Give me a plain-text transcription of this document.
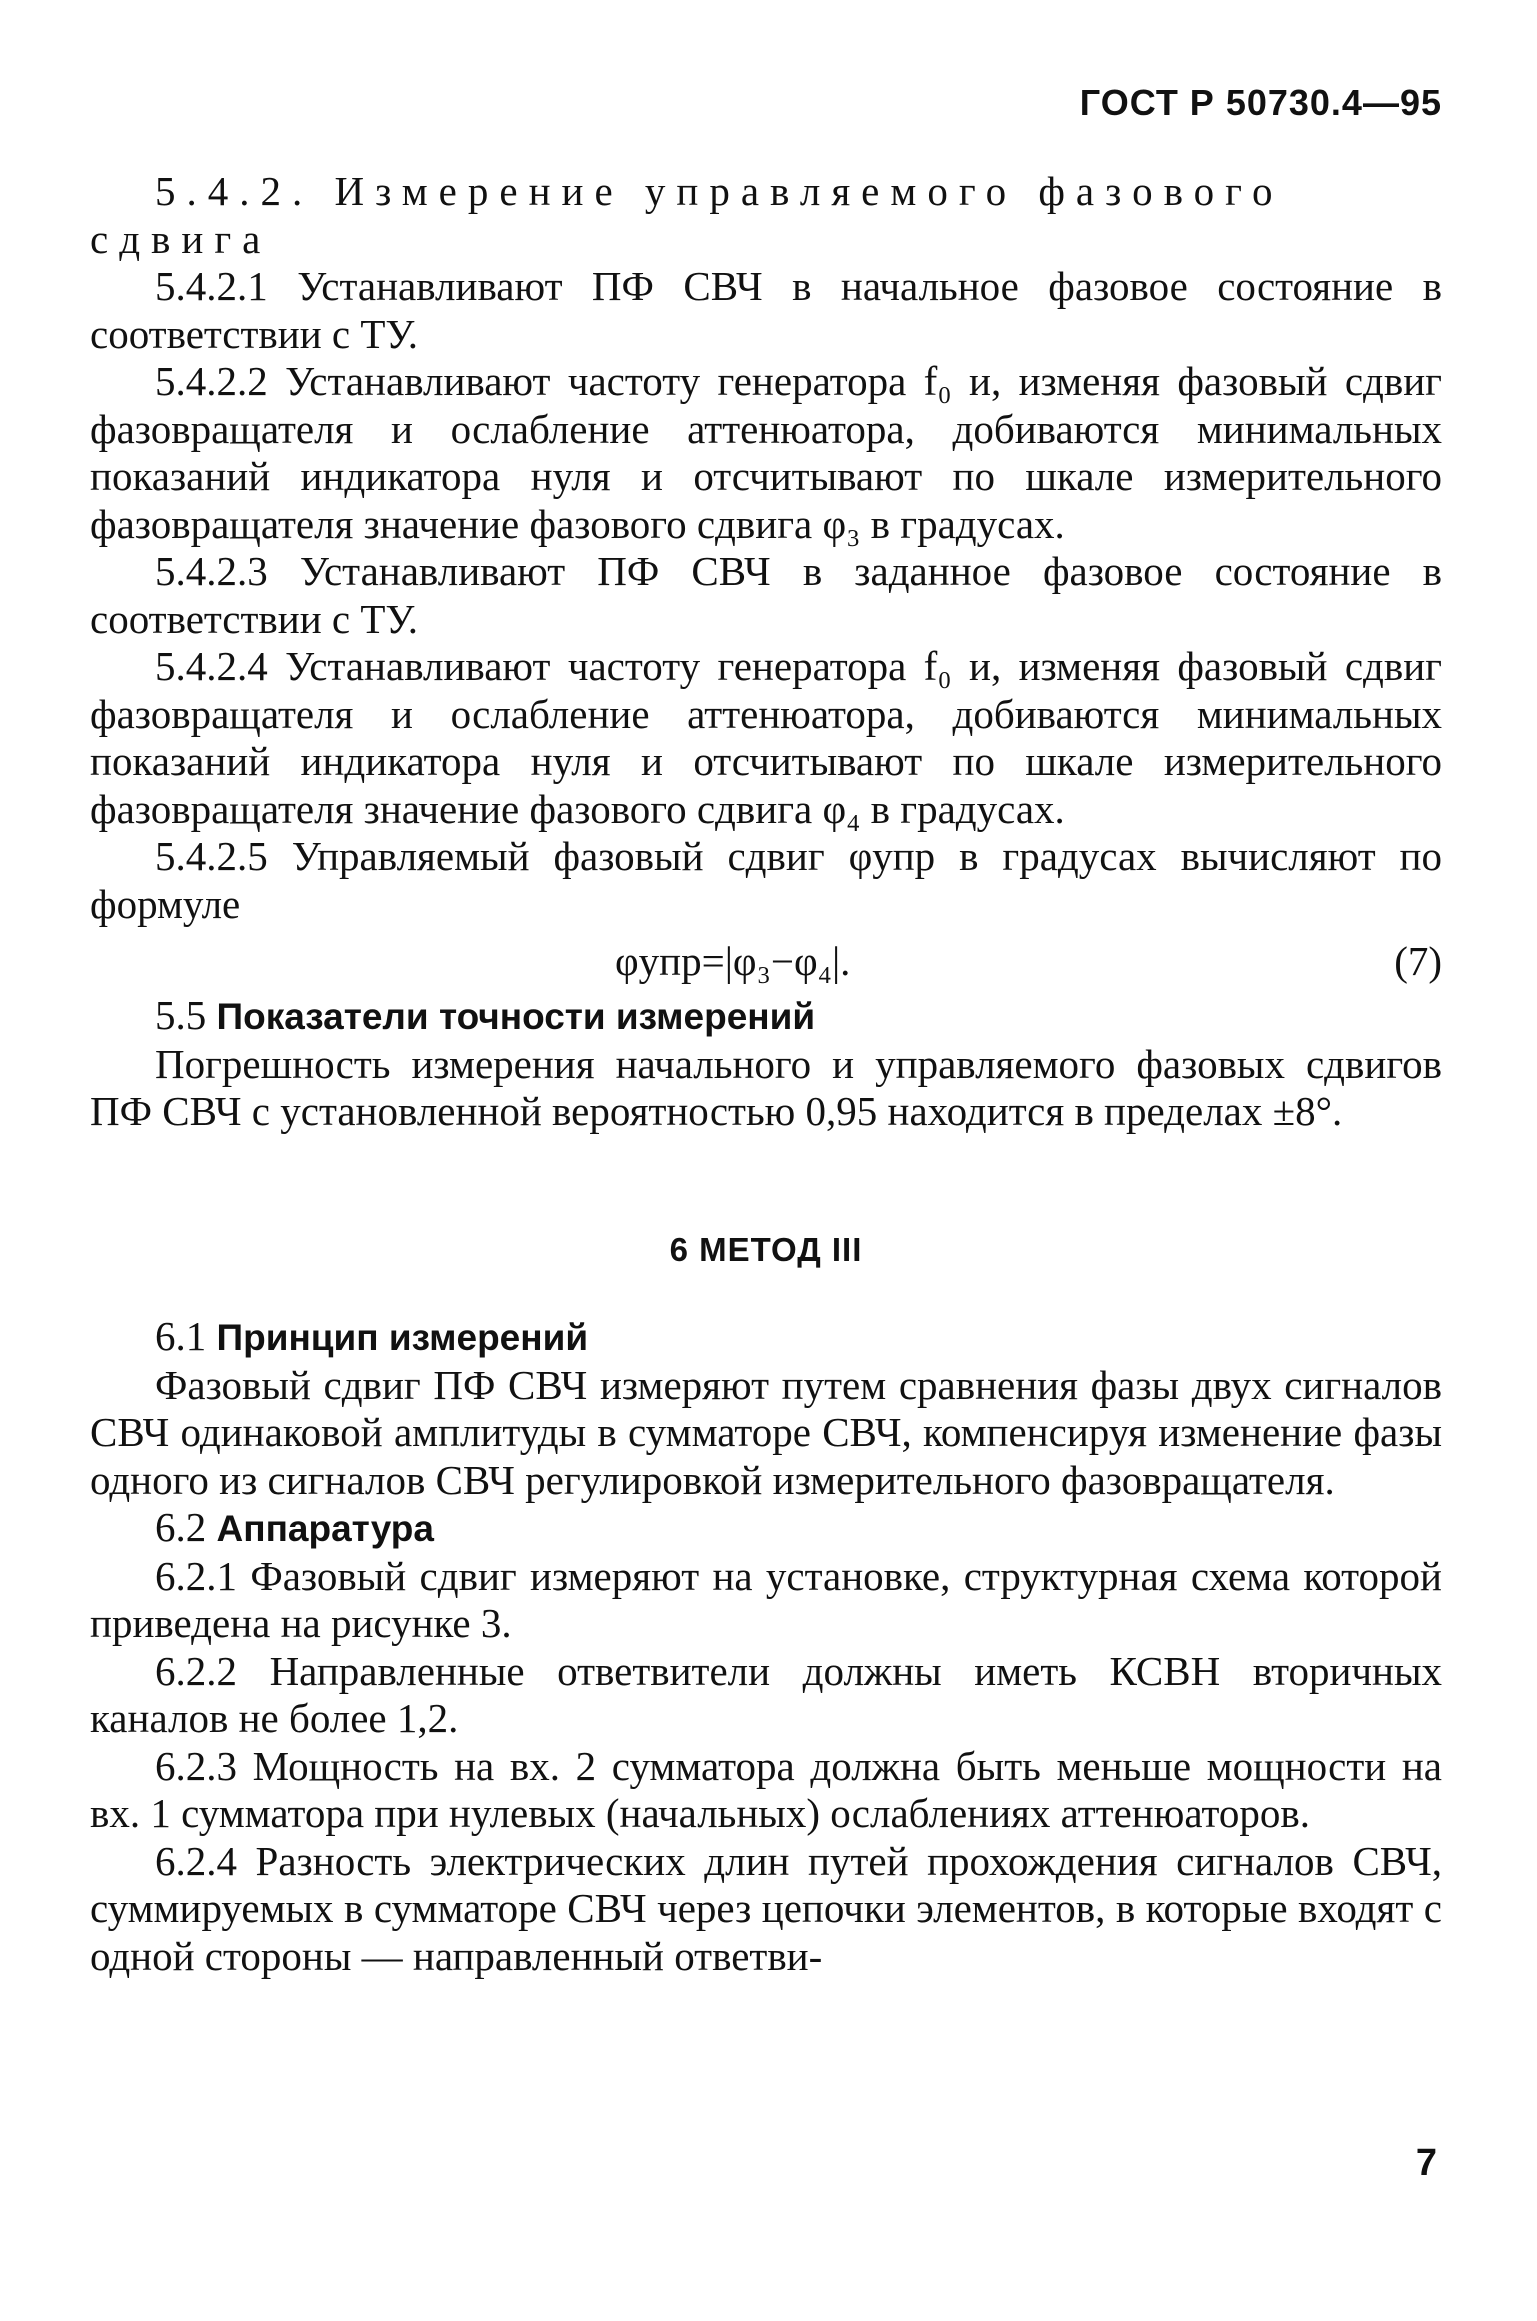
ГОСТ Р 50730.4—95

5.4.2. Измерение управляемого фазового сдвига

5.4.2.1 Устанавливают ПФ СВЧ в начальное фазовое состояние в соответствии с ТУ.

5.4.2.2 Устанавливают частоту генератора f₀ и, изменяя фазовый сдвиг фазовращателя и ослабление аттенюатора, добиваются минимальных показаний индикатора нуля и отсчитывают по шкале измерительного фазовращателя значение фазового сдвига φ₃ в градусах.

5.4.2.3 Устанавливают ПФ СВЧ в заданное фазовое состояние в соответствии с ТУ.

5.4.2.4 Устанавливают частоту генератора f₀ и, изменяя фазовый сдвиг фазовращателя и ослабление аттенюатора, добиваются минимальных показаний индикатора нуля и отсчитывают по шкале измерительного фазовращателя значение фазового сдвига φ₄ в градусах.

5.4.2.5 Управляемый фазовый сдвиг φупр в градусах вычисляют по формуле

φупр=|φ₃−φ₄|.	(7)

5.5 Показатели точности измерений

Погрешность измерения начального и управляемого фазовых сдвигов ПФ СВЧ с установленной вероятностью 0,95 находится в пределах ±8°.

6 МЕТОД III

6.1 Принцип измерений

Фазовый сдвиг ПФ СВЧ измеряют путем сравнения фазы двух сигналов СВЧ одинаковой амплитуды в сумматоре СВЧ, компенсируя изменение фазы одного из сигналов СВЧ регулировкой измерительного фазовращателя.

6.2 Аппаратура

6.2.1 Фазовый сдвиг измеряют на установке, структурная схема которой приведена на рисунке 3.

6.2.2 Направленные ответвители должны иметь КСВН вторичных каналов не более 1,2.

6.2.3 Мощность на вх. 2 сумматора должна быть меньше мощности на вх. 1 сумматора при нулевых (начальных) ослаблениях аттенюаторов.

6.2.4 Разность электрических длин путей прохождения сигналов СВЧ, суммируемых в сумматоре СВЧ через цепочки элементов, в которые входят с одной стороны — направленный ответви-

7
